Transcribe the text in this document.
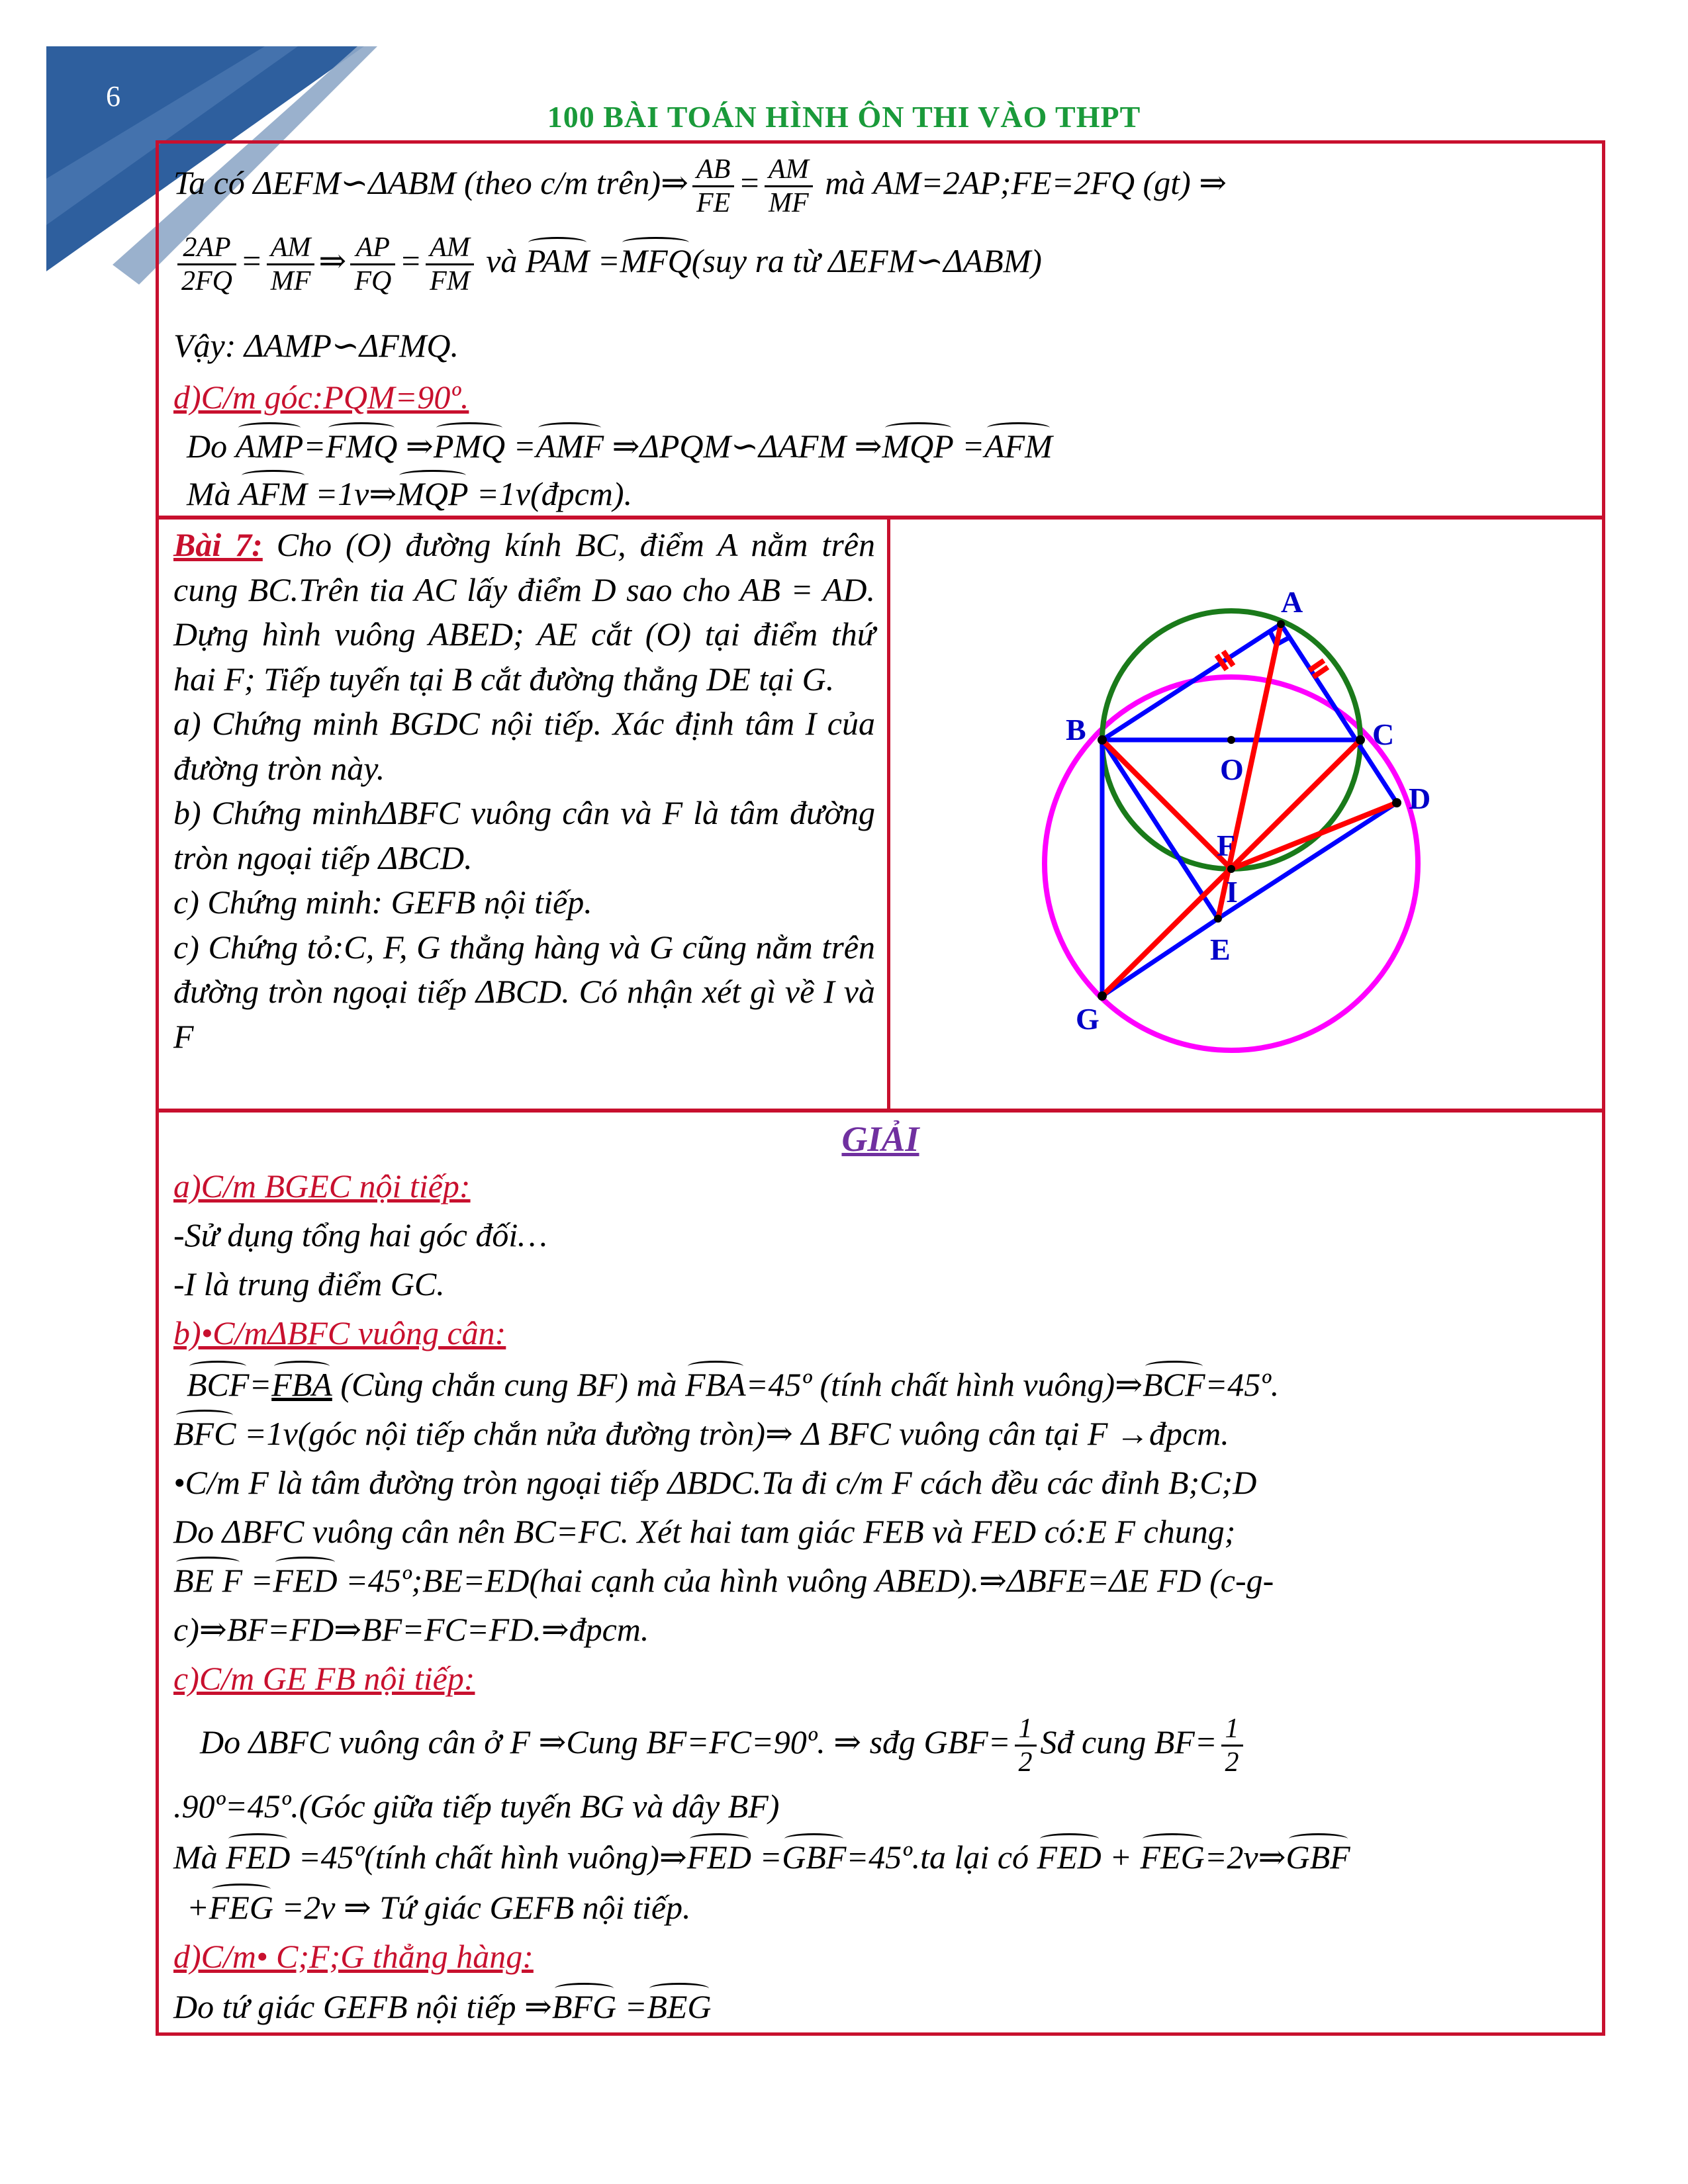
6
100 BÀI TOÁN HÌNH ÔN THI VÀO THPT
Ta có ΔEFM∽ΔABM (theo c/m trên)⇒ $\frac{AB}{FE} = \frac{AM}{MF}$ mà AM=2AP;FE=2FQ (gt) ⇒
$\frac{2AP}{2FQ} = \frac{AM}{MF}$ ⇒ $\frac{AP}{FQ} = \frac{AM}{FM}$ và PAM =MFQ(suy ra từ ΔEFM∽ΔABM)
Vậy: ΔAMP∽ΔFMQ.
d)C/m góc:PQM=90º.
Do AMP=FMQ ⇒PMQ =AMF ⇒ΔPQM∽ΔAFM ⇒MQP =AFM
Mà AFM =1v⇒MQP =1v(đpcm).

Bài 7: Cho (O) đường kính BC, điểm A nằm trên cung BC.Trên tia AC lấy điểm D sao cho AB = AD. Dựng hình vuông ABED; AE cắt (O) tại điểm thứ hai F; Tiếp tuyến tại B cắt đường thẳng DE tại G.

a) Chứng minh BGDC nội tiếp. Xác định tâm I của đường tròn này.

b) Chứng minhΔBFC vuông cân và F là tâm đường tròn ngoại tiếp ΔBCD.

c) Chứng minh: GEFB nội tiếp.

c) Chứng tỏ:C, F, G thẳng hàng và G cũng nằm trên đường tròn ngoại tiếp ΔBCD. Có nhận xét gì về I và F

A
B	C
O
D
F
I
E
G
GIẢI
a)C/m BGEC nội tiếp:
-Sử dụng tổng hai góc đối…
-I là trung điểm GC.
b)•C/mΔBFC vuông cân:
BCF=FBA (Cùng chắn cung BF) mà FBA=45º (tính chất hình vuông)⇒BCF=45º.
BFC =1v(góc nội tiếp chắn nửa đường tròn)⇒ Δ BFC vuông cân tại F →đpcm.
•C/m F là tâm đường tròn ngoại tiếp ΔBDC.Ta đi c/m F cách đều các đỉnh B;C;D
Do ΔBFC vuông cân nên BC=FC. Xét hai tam giác FEB và FED có:E F chung;
BE F =FED =45º;BE=ED(hai cạnh của hình vuông ABED).⇒ΔBFE=ΔE FD (c-g-
c)⇒BF=FD⇒BF=FC=FD.⇒đpcm.
c)C/m GE FB nội tiếp:
Do ΔBFC vuông cân ở F ⇒Cung BF=FC=90º. ⇒ sđg $GBF= \frac{1}{2}$ Sđ cung $BF= \frac{1}{2}$
.90º=45º.(Góc giữa tiếp tuyến BG và dây BF)
Mà FED =45º(tính chất hình vuông)⇒FED =GBF=45º.ta lại có FED + FEG=2v⇒GBF
+FEG =2v ⇒ Tứ giác GEFB nội tiếp.
d)C/m• C;F;G thẳng hàng:
Do tứ giác GEFB nội tiếp ⇒BFG =BEG
